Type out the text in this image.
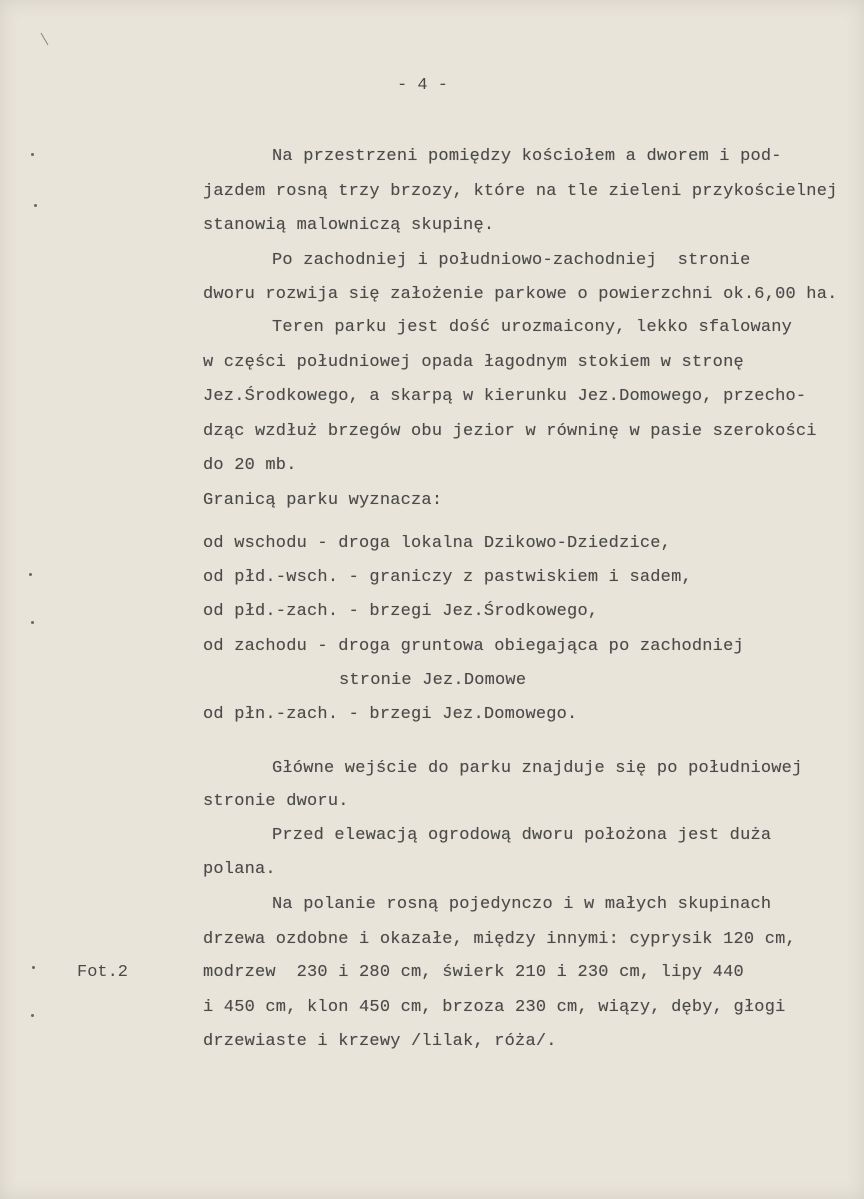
- 4 -
Fot.2
Na przestrzeni pomiędzy kościołem a dworem i pod-
jazdem rosną trzy brzozy, które na tle zieleni przykościelnej
stanowią malowniczą skupinę.
Po zachodniej i południowo-zachodniej  stronie
dworu rozwija się założenie parkowe o powierzchni ok.6,00 ha.
Teren parku jest dość urozmaicony, lekko sfalowany
w części południowej opada łagodnym stokiem w stronę
Jez.Środkowego, a skarpą w kierunku Jez.Domowego, przecho-
dząc wzdłuż brzegów obu jezior w równinę w pasie szerokości
do 20 mb.
Granicą parku wyznacza:
od wschodu - droga lokalna Dzikowo-Dziedzice,
od płd.-wsch. - graniczy z pastwiskiem i sadem,
od płd.-zach. - brzegi Jez.Środkowego,
od zachodu - droga gruntowa obiegająca po zachodniej
stronie Jez.Domowe
od płn.-zach. - brzegi Jez.Domowego.
Główne wejście do parku znajduje się po południowej
stronie dworu.
Przed elewacją ogrodową dworu położona jest duża
polana.
Na polanie rosną pojedynczo i w małych skupinach
drzewa ozdobne i okazałe, między innymi: cyprysik 120 cm,
modrzew  230 i 280 cm, świerk 210 i 230 cm, lipy 440
i 450 cm, klon 450 cm, brzoza 230 cm, wiązy, dęby, głogi
drzewiaste i krzewy /lilak, róża/.
